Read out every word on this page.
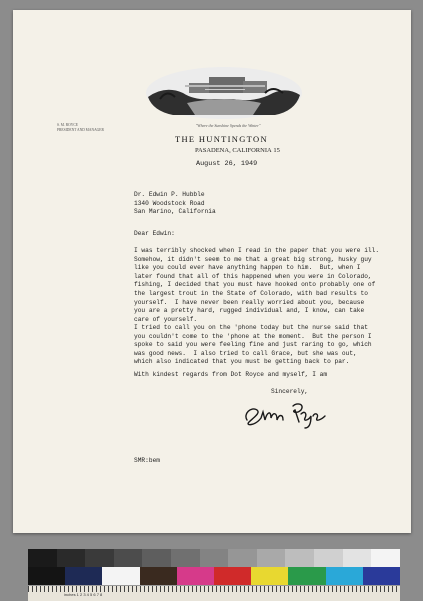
"Where the Sunshine Spends the Winter"
S. M. ROYCE
PRESIDENT AND MANAGER
THE HUNTINGTON
PASADENA, CALIFORNIA 15
August 26, 1949
Dr. Edwin P. Hubble
1340 Woodstock Road
San Marino, California
Dear Edwin:
I was terribly shocked when I read in the paper that you were ill.
Somehow, it didn't seem to me that a great big strong, husky guy
like you could ever have anything happen to him.  But, when I
later found that all of this happened when you were in Colorado,
fishing, I decided that you must have hooked onto probably one of
the largest trout in the State of Colorado, with bad results to
yourself.  I have never been really worried about you, because
you are a pretty hard, rugged individual and, I know, can take
care of yourself.
I tried to call you on the 'phone today but the nurse said that
you couldn't come to the 'phone at the moment.  But the person I
spoke to said you were feeling fine and just raring to go, which
was good news.  I also tried to call Grace, but she was out,
which also indicated that you must be getting back to par.
With kindest regards from Dot Royce and myself, I am
Sincerely,
SMR:bem
inches 1 2 3 4 5 6 7 8
